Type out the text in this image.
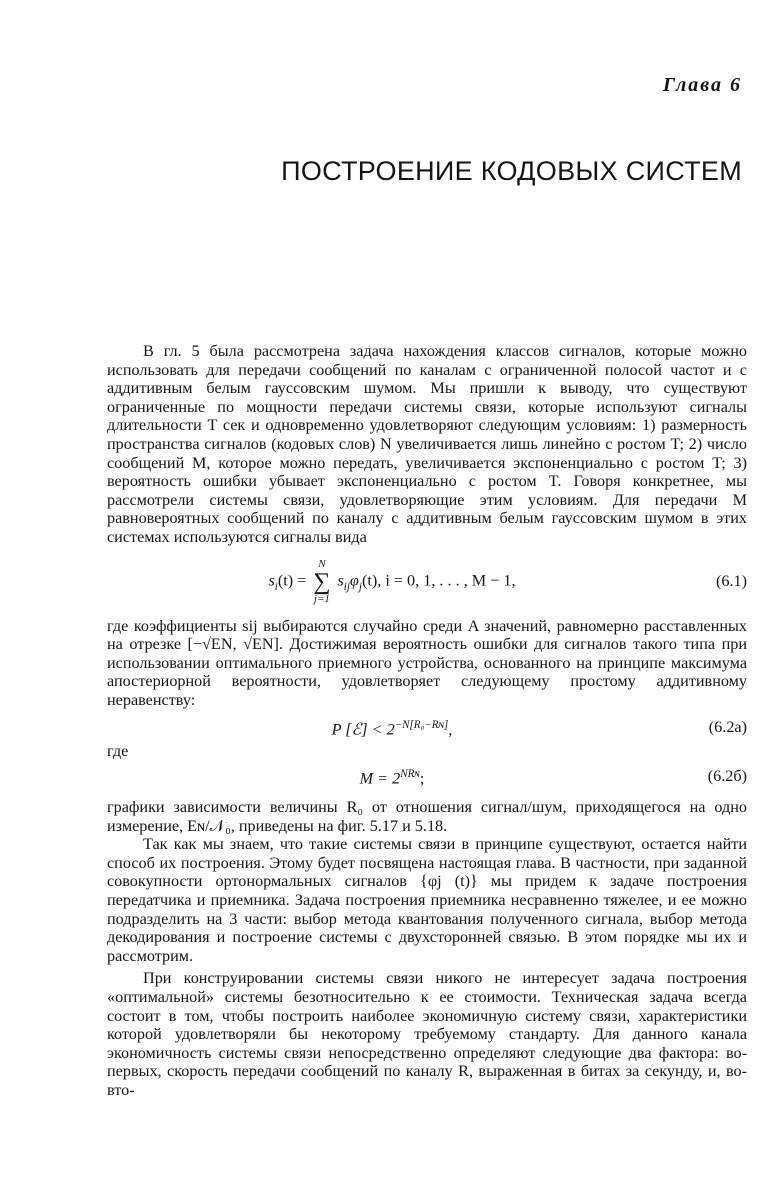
Глава 6
ПОСТРОЕНИЕ КОДОВЫХ СИСТЕМ

В гл. 5 была рассмотрена задача нахождения классов сигналов, которые можно использовать для передачи сообщений по каналам с ограниченной полосой частот и с аддитивным белым гауссовским шумом. Мы пришли к выводу, что существуют ограниченные по мощности передачи системы связи, которые используют сигналы длительности T сек и одновременно удовлетворяют следующим условиям: 1) размерность пространства сигналов (кодовых слов) N увеличивается лишь линейно с ростом T; 2) число сообщений M, которое можно передать, увеличивается экспоненциально с ростом T; 3) вероятность ошибки убывает экспоненциально с ростом T. Говоря конкретнее, мы рассмотрели системы связи, удовлетворяющие этим условиям. Для передачи M равновероятных сообщений по каналу с аддитивным белым гауссовским шумом в этих системах используются сигналы вида

$s_i(t)$ =
N
∑
j=1
$s_{ij}\varphi_j(t)$, i = 0, 1, . . . , M − 1,	(6.1)

где коэффициенты sij выбираются случайно среди A значений, равномерно расставленных на отрезке [−√EN, √EN]. Достижимая вероятность ошибки для сигналов такого типа при использовании оптимального приемного устройства, основанного на принципе максимума апостериорной вероятности, удовлетворяет следующему простому аддитивному неравенству:

P [ℰ] < $2^{-N[R_0-Rɴ]}$,	(6.2а)

где

$M = 2^{NRɴ}$;	(6.2б)

графики зависимости величины R₀ от отношения сигнал/шум, приходящегося на одно измерение, Eɴ/𝒩₀, приведены на фиг. 5.17 и 5.18.

Так как мы знаем, что такие системы связи в принципе существуют, остается найти способ их построения. Этому будет посвящена настоящая глава. В частности, при заданной совокупности ортонормальных сигналов {φj (t)} мы придем к задаче построения передатчика и приемника. Задача построения приемника несравненно тяжелее, и ее можно подразделить на 3 части: выбор метода квантования полученного сигнала, выбор метода декодирования и построение системы с двухсторонней связью. В этом порядке мы их и рассмотрим.

При конструировании системы связи никого не интересует задача построения «оптимальной» системы безотносительно к ее стоимости. Техническая задача всегда состоит в том, чтобы построить наиболее экономичную систему связи, характеристики которой удовлетворяли бы некоторому требуемому стандарту. Для данного канала экономичность системы связи непосредственно определяют следующие два фактора: во-первых, скорость передачи сообщений по каналу R, выраженная в битах за секунду, и, во-вто-
